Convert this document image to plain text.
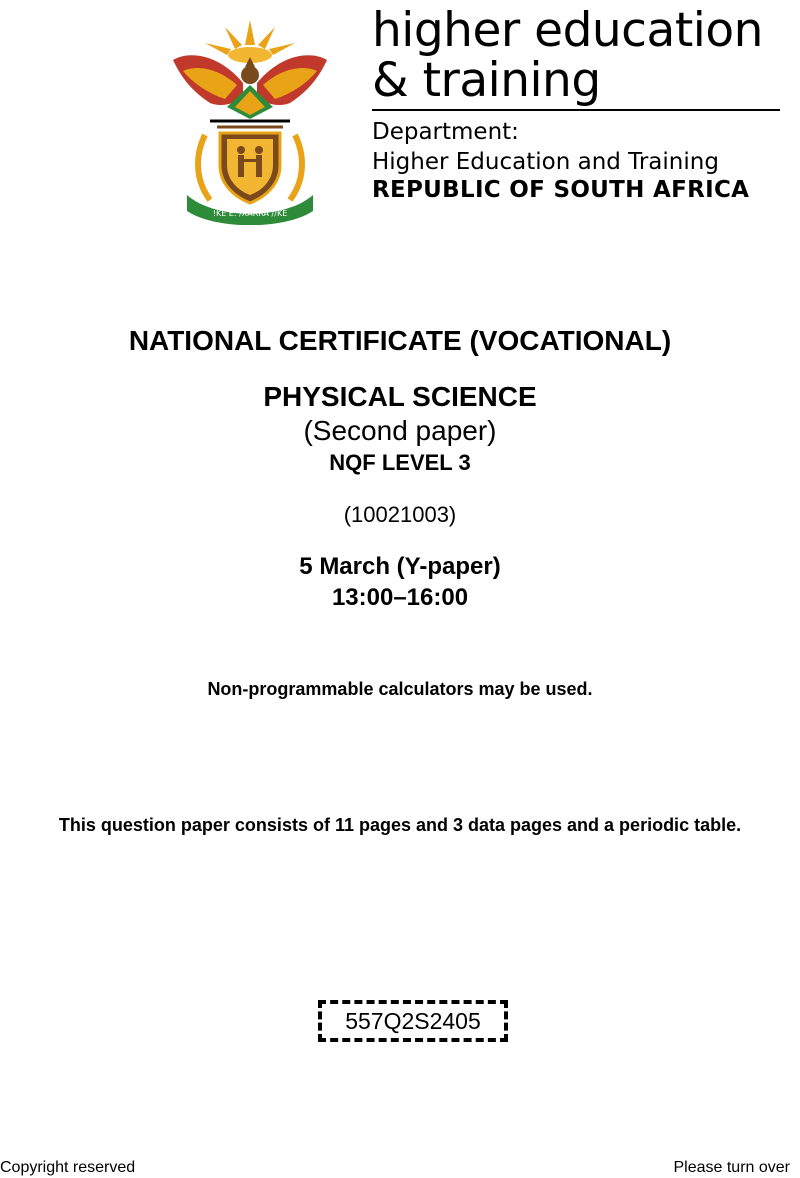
!KE E: /XARRA //KE
higher education
& training
Department:
Higher Education and Training
REPUBLIC OF SOUTH AFRICA
NATIONAL CERTIFICATE (VOCATIONAL)
PHYSICAL SCIENCE
(Second paper)
NQF LEVEL 3
(10021003)
5 March (Y-paper)
13:00–16:00
Non-programmable calculators may be used.
This question paper consists of 11 pages and 3 data pages and a periodic table.
557Q2S2405
Copyright reserved	Please turn over
